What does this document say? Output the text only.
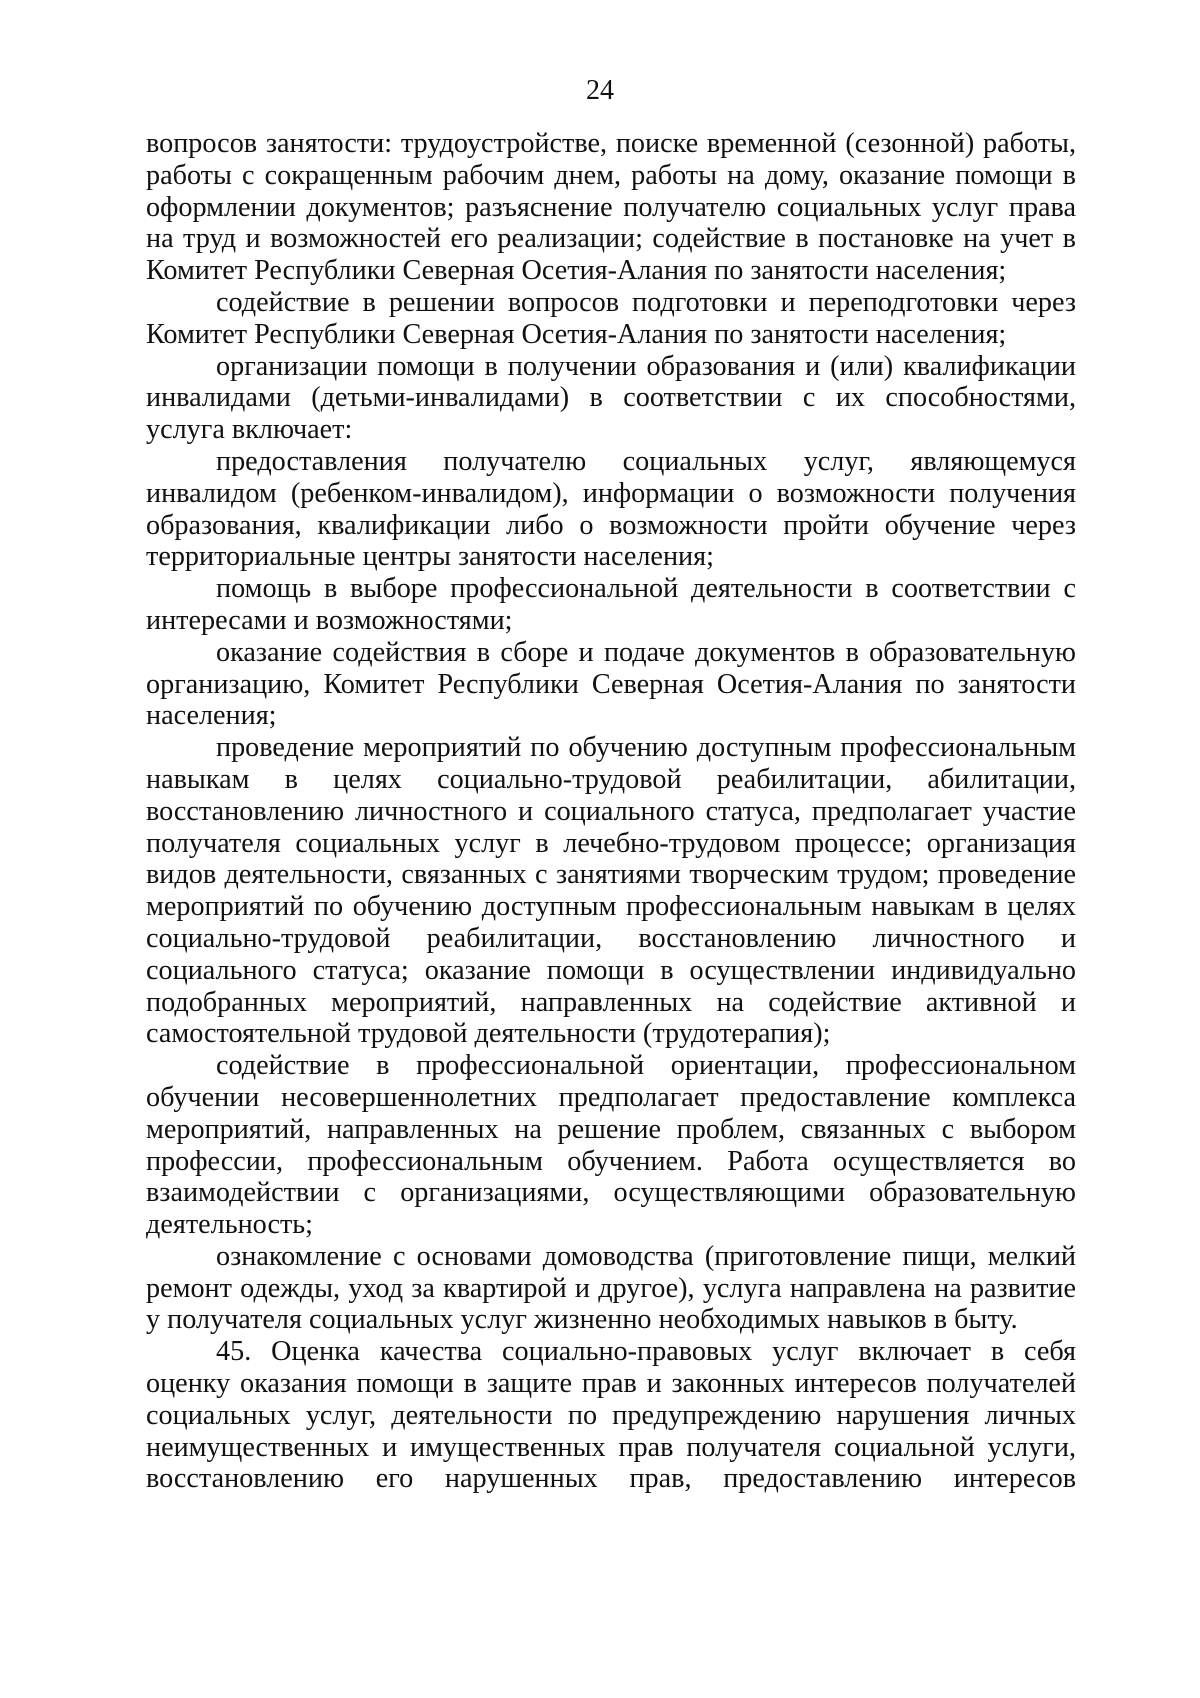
24

вопросов занятости: трудоустройстве, поиске временной (сезонной) работы, работы с сокращенным рабочим днем, работы на дому, оказание помощи в оформлении документов; разъяснение получателю социальных услуг права на труд и возможностей его реализации; содействие в постановке на учет в Комитет Республики Северная Осетия-Алания по занятости населения;

содействие в решении вопросов подготовки и переподготовки через Комитет Республики Северная Осетия-Алания по занятости населения;

организации помощи в получении образования и (или) квалификации инвалидами (детьми-инвалидами) в соответствии с их способностями, услуга включает:

предоставления получателю социальных услуг, являющемуся инвалидом (ребенком-инвалидом), информации о возможности получения образования, квалификации либо о возможности пройти обучение через территориальные центры занятости населения;

помощь в выборе профессиональной деятельности в соответствии с интересами и возможностями;

оказание содействия в сборе и подаче документов в образовательную организацию, Комитет Республики Северная Осетия-Алания по занятости населения;

проведение мероприятий по обучению доступным профессиональным навыкам в целях социально-трудовой реабилитации, абилитации, восстановлению личностного и социального статуса, предполагает участие получателя социальных услуг в лечебно-трудовом процессе; организация видов деятельности, связанных с занятиями творческим трудом; проведение мероприятий по обучению доступным профессиональным навыкам в целях социально-трудовой реабилитации, восстановлению личностного и социального статуса; оказание помощи в осуществлении индивидуально подобранных мероприятий, направленных на содействие активной и самостоятельной трудовой деятельности (трудотерапия);

содействие в профессиональной ориентации, профессиональном обучении несовершеннолетних предполагает предоставление комплекса мероприятий, направленных на решение проблем, связанных с выбором профессии, профессиональным обучением. Работа осуществляется во взаимодействии с организациями, осуществляющими образовательную деятельность;

ознакомление с основами домоводства (приготовление пищи, мелкий ремонт одежды, уход за квартирой и другое), услуга направлена на развитие у получателя социальных услуг жизненно необходимых навыков в быту.

45. Оценка качества социально-правовых услуг включает в себя оценку оказания помощи в защите прав и законных интересов получателей социальных услуг, деятельности по предупреждению нарушения личных неимущественных и имущественных прав получателя социальной услуги, восстановлению его нарушенных прав, предоставлению интересов
